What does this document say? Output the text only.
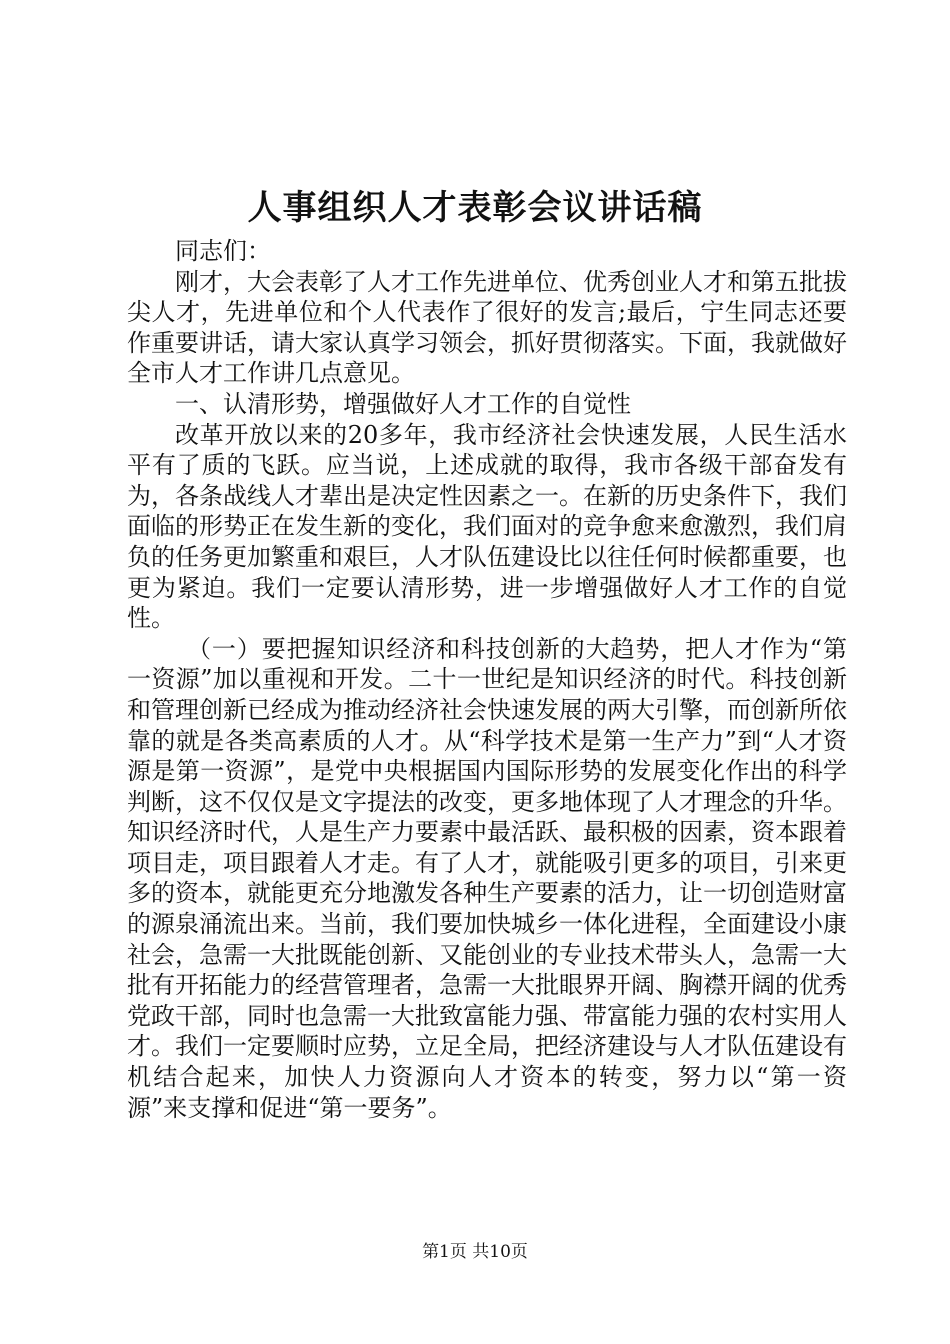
人事组织人才表彰会议讲话稿

同志们：

刚才，大会表彰了人才工作先进单位、优秀创业人才和第五批拔尖人才，先进单位和个人代表作了很好的发言;最后，宁生同志还要作重要讲话，请大家认真学习领会，抓好贯彻落实。下面，我就做好全市人才工作讲几点意见。

一、认清形势，增强做好人才工作的自觉性

改革开放以来的20多年，我市经济社会快速发展，人民生活水平有了质的飞跃。应当说，上述成就的取得，我市各级干部奋发有为，各条战线人才辈出是决定性因素之一。在新的历史条件下，我们面临的形势正在发生新的变化，我们面对的竞争愈来愈激烈，我们肩负的任务更加繁重和艰巨，人才队伍建设比以往任何时候都重要，也更为紧迫。我们一定要认清形势，进一步增强做好人才工作的自觉性。

（一）要把握知识经济和科技创新的大趋势，把人才作为“第一资源”加以重视和开发。二十一世纪是知识经济的时代。科技创新和管理创新已经成为推动经济社会快速发展的两大引擎，而创新所依靠的就是各类高素质的人才。从“科学技术是第一生产力”到“人才资源是第一资源”，是党中央根据国内国际形势的发展变化作出的科学判断，这不仅仅是文字提法的改变，更多地体现了人才理念的升华。知识经济时代，人是生产力要素中最活跃、最积极的因素，资本跟着项目走，项目跟着人才走。有了人才，就能吸引更多的项目，引来更多的资本，就能更充分地激发各种生产要素的活力，让一切创造财富的源泉涌流出来。当前，我们要加快城乡一体化进程，全面建设小康社会，急需一大批既能创新、又能创业的专业技术带头人，急需一大批有开拓能力的经营管理者，急需一大批眼界开阔、胸襟开阔的优秀党政干部，同时也急需一大批致富能力强、带富能力强的农村实用人才。我们一定要顺时应势，立足全局，把经济建设与人才队伍建设有机结合起来，加快人力资源向人才资本的转变，努力以“第一资源”来支撑和促进“第一要务”。

第1页 共10页
